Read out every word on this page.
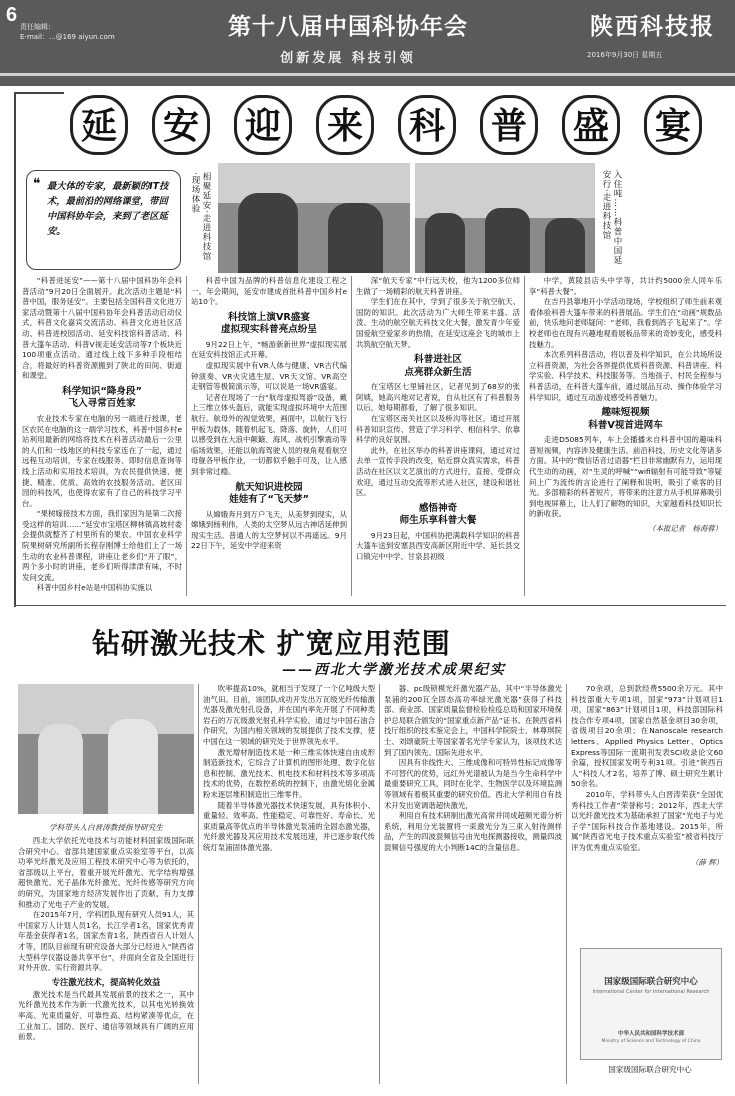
6
责任编辑：
E-mail：...@169 aiyun.com	第十八届中国科协年会
创新发展 科技引领
陕西科技报
2016年9月30日 星期五
延	安	迎	来	科	普	盛	宴
❝ 最大体的专家，最新颖的IT技术，最前沿的网络课堂，带回中国科协年会，来到了老区延安。	相聚延安·走进科技馆·现场体验	入住吨……科普中国延安行·走进科技馆

“科普进延安”——第十八届中国科协年会科普活动”9月20日全面展开。此次活动主题是“科普中国，服务延安”。主要包括全国科普文化进万家活动暨第十八届中国科协年会科普活动启动仪式，科普文化嘉宾交流活动、科普文化进社区活动、科普进校园活动、延安科技馆科普活动、科普大篷车活动、科普V视走延安活动等7个板块近100项重点活动。通过线上线下多种手段相结合，将最好的科普资源搬到了陕北的田间、街道和课堂。

科学知识“降身段”
飞入寻常百姓家

农业技术专家在电脑的另一端进行授课，老区农民在电脑的这一端学习技术，科普中国乡村e站利用最新的网络将技术在科普活动最后一公里的人们和一线地区的科技专家连在了一起，通过远程互动培训，专家在线服务、即时信息查询等线上活动和实用技术培训，为农民提供快速、便捷、精准、优质、高效的农技服务活动。老区田园的科技风，也使得农家有了自己的科技学习平台。

“果树嫁接技术方面，我们家因为是第二次接受这样的培训……”延安市宝塔区柳林镇高坡村委会提供就整齐了村里所有的果农。中国农业科学院果树研究所副所长程存刚博士给他们上了一场生动的农业科普课程，讲座让老乡们“开了眼”，两个多小时的讲座，老乡们听得津津有味，不时发问交流。

科普中国乡村e站是中国科协实施以

科普中国为品牌的科普信息化建设工程之一。年会期间，延安市建成首批科普中国乡村e站10个。

科技馆上演VR盛宴
虚拟现实科普亮点纷呈

9月22日上午，“畅游新新世界”虚拟现实展在延安科技馆正式开幕。

虚拟现实展中有VR人体与健康、VR古代编钟演奏、VR火灾逃生屋、VR天文馆、VR高空走钢管等极简演示等，可以说是一场VR盛宴。

记者在现场了一台“航母虚拟驾游”设备，戴上三维立体头盔后，就能实现虚拟环境中大范围航行。航母外的视觉效果，画面中，以航行飞行甲板为载体，随着机起飞、降落、旋转，人们可以感受到在大浪中颠簸、海风、战机引擎震动等临场效果，还能以航海驾驶人员的视角观看航空母舰各甲板作业，一切都似乎触手可及，让人感到非常过瘾。

航天知识进校园
娃娃有了“飞天梦”

从嫦娥奔月到万户飞天，从美梦到现实，从嫦娥到杨利伟，人类的太空梦从远古神话延伸到现实生活。普通人的太空梦何以不再遥远。9月22日下午，延安中学迎来资

深“航天专家”中行远天校，他为1200多位师生做了一场精彩的航天科普讲座。

学生们在在其中，学到了很多关于航空航天、国防的知识。此次活动为广大师生带来丰盛、活泼、生动的航空航天科技文化大餐，激发青少年爱国爱航空爱家乡的热情，在延安这座会飞的城市上共筑航空航天梦。

科普进社区
点亮群众新生活

在宝塔区七里铺社区，记者见到了68岁的张阿姨，她高兴地对记者说，自从社区有了科普服务以后，她每期都看，了解了很多知识。

在宝塔区南关社区以及桥沟等社区，通过开展科普知识宣传、营造了学习科学、相信科学、依靠科学的良好氛围。

此外，在社区举办的科普讲座课间，通过对过去单一宣传手段的改变，贴近群众真实需求，科普活动在社区以文艺演出的方式进行，直接、受群众欢迎，通过互动交流等形式进入社区，建设和谐社区。

感悟神奇
师生乐享科普大餐

9月23日起，中国科协把满载科学知识的科普大篷车送到安塞县西安高新区附近中学、延长县交口镇完中中学、甘泉县初级

中学，黄陵县店头中学等，共计约5000余人同车乐享“科普大餐”。

在吉丹县靠地开小学活动现场，学校组织了师生前来观看体验科普大篷车带来的科普展品。学生们在“动画”规数品前，快乐地问老师疑问：“老师，我看到鸽子飞起来了”。学校老师也在现有兴趣地观看展板品带来的奇妙变化，感受科技魅力。

本次系列科普活动，将以普及科学知识，在公共场所设立科普资源，为社会各界提供优质科普资源、科普讲座、科学实验、科学技术、科技服务等。当地孩子、村民全程参与科普活动，在科普大篷车前，通过展品互动、操作体验学习科学知识，通过互动游戏感受科普魅力。

趣味短视频
科普V视首进网车

走进D5085列车，车上会播播未自科普中国的趣味科普短视频，内容涉及健康生活、前沿科技、历史文化等诸多方面。其中的“微信话音过语器”栏目非常幽默有力，运用现代生动的动画，对“生灵的呼喊”“wifi辐射有可能导致”等疑问上广为流传的言论进行了阐释和说明，吸引了乘客的目光。多部精彩的科普短片，将带来的注意力从手机屏幕吸引到电视屏幕上，让人们了解物的知识，大家越看科技知识长的新收获。

（本报记者　杨海蓉）
钻研激光技术 扩宽应用范围
——西北大学激光技术成果纪实
学科带头人白晋涛教授指导研究生

西北大学依托光电技术与功能材料国家级国际联合研究中心、省部共建国家重点实验室等平台，以高功率光纤激光及应用工程技术研究中心等为依托的，省部级以上平台，着重开展光纤激光、光学结构增强超快激光、光子晶体光纤激光、光纤传感等研究方向的研究，为国家地方经济发展作出了贡献，有力支撑和推动了光电子产业的发展。

在2015年7月，学科团队现有研究人员91人，其中国家万人计划人员1名，长江学者1名，国家优秀青年基金获得者1名，国家杰青1名，陕西省百人计划人才等，团队目前现有研究设备大部分已经进入“陕西省大型科学仪器设备共享平台”，并面向全省及全国进行对外开放、实行资源共享。

专注激光技术，提高转化效益

激光技术是当代最具发展前景的技术之一，其中光纤激光技术作为新一代激光技术，以其电光转换效率高、光束质量好、可靠性高、结构紧凑等优点，在工业加工、国防、医疗、通信等领域具有广阔的应用前景。

吹率提高10%，就相当于发现了一个亿吨级大型油气田。目前，该团队成功开发出万瓦级光纤传输激光器及激光射孔设备，并在国内率先开展了不同种类岩石的万瓦级激光射孔科学实验，通过与中国石油合作研究，为国内相关领域的发展提供了技术支撑，使中国在这一领域的研究处于世界领先水平。

激光增材制造技术是一种三维实体快速自由成形制造新技术，它综合了计算机的图形处理、数字化信息和控制、激光技术、机电技术和材料技术等多项高技术的优势，在数控系统的控制下，由激光熔化金属粉末逐层堆积制造出三维零件。

随着半导体激光器技术快速发展，具有体积小、重量轻、效率高、性能稳定、可靠性好、寿命长、光束质量高等优点的半导体激光泵浦的全固态激光器，光纤激光器及其应用技术发展迅速，并已逐步取代传统灯泵浦固体激光器。

器、pc级锁模光纤激光器产品，其中“半导体激光泵浦的200瓦全固态高功率绿光激光器”获得了科技部、商业部、国家质量监督检验检疫总局和国家环境保护总局联合颁发的“国家重点新产品”证书。在陕西省科技厅组织的技术鉴定会上，中国科学院院士、林尊琪院士、刘颂豪院士等国家著名光学专家认为，该项技术达到了国内领先、国际先进水平。

因具有非线性大、三维成像和可特异性标记成像等不可替代的优势，远红外光谱被认为是当今生命科学中最重要研究工具，同时在化学、生物医学以及环境监测等领域有着极其重要的研究价值。西北大学利用自有技术开发出宽调谐超快激光，

利用自有技术研制出激光高常并同成超频光谱分析系统，利用分光装置将一束激光分为三束入射待测样品，产生的四波混频信号由光电探测器接收，测量四波混频信号强度的大小判断14C的含量信息。

70余项，总到款经费5500余万元。其中科技部重大专项1项，国家“973”计划项目1项，国家“863”计划项目1项，科技部国际科技合作专项4项，国家自然基金项目30余项，省级项目20余项；在Nanoscale research letters、Applied Physics Letter、Optics Express等国际一流期刊发表SCI收录论文60余篇，授权国家发明专利31项。引进“陕西百人”科技人才2名，培养了博、硕士研究生累计50余名。

2010年，学科带头人白晋涛荣获“全国优秀科技工作者”荣誉称号；2012年，西北大学以光纤激光技术为基础承担了国家“光电子与光子学”国际科技合作基地建设。2015年，所属“陕西省光电子技术重点实验室”被省科技厅评为优秀重点实验室。

（薛 辉）
国家级国际联合研究中心
International Center for International Research
中华人民共和国科学技术部
Ministry of Science and Technology of China
国家级国际联合研究中心
